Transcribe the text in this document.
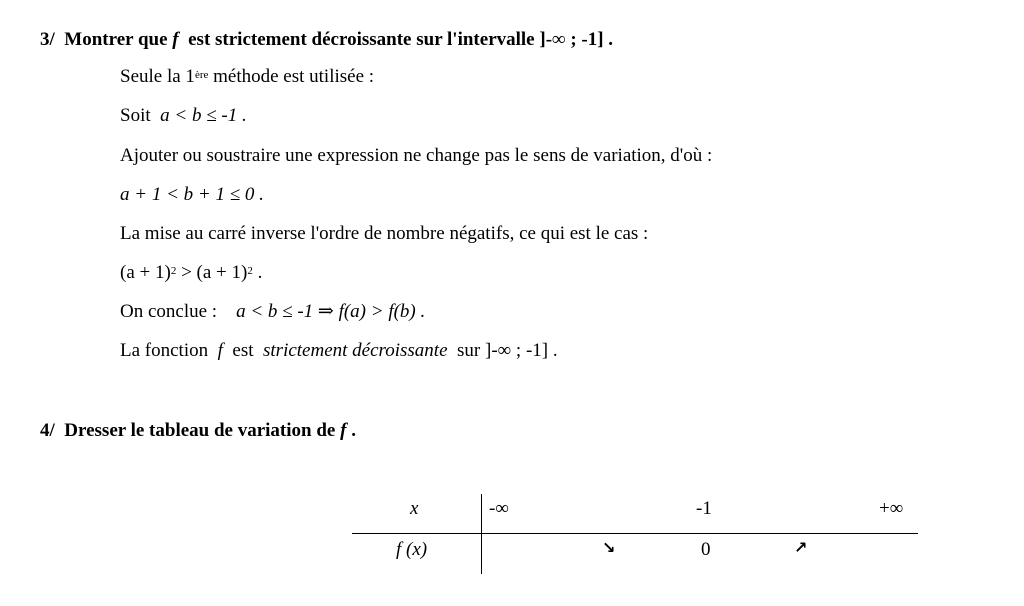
3/ Montrer que f est strictement décroissante sur l'intervalle ]-∞ ; -1] .
Seule la 1ère méthode est utilisée :
Soit a < b ≤ -1 .
Ajouter ou soustraire une expression ne change pas le sens de variation, d'où :
a + 1 < b + 1 ≤ 0 .
La mise au carré inverse l'ordre de nombre négatifs, ce qui est le cas :
$(a + 1)^2 > (a + 1)^2$ .
On conclue : a < b ≤ -1 ⇒ f(a) > f(b) .
La fonction f est strictement décroissante sur ]-∞ ; -1] .
4/ Dresser le tableau de variation de f .
x	-∞	-1	+∞
f (x)	↘	0	↗
